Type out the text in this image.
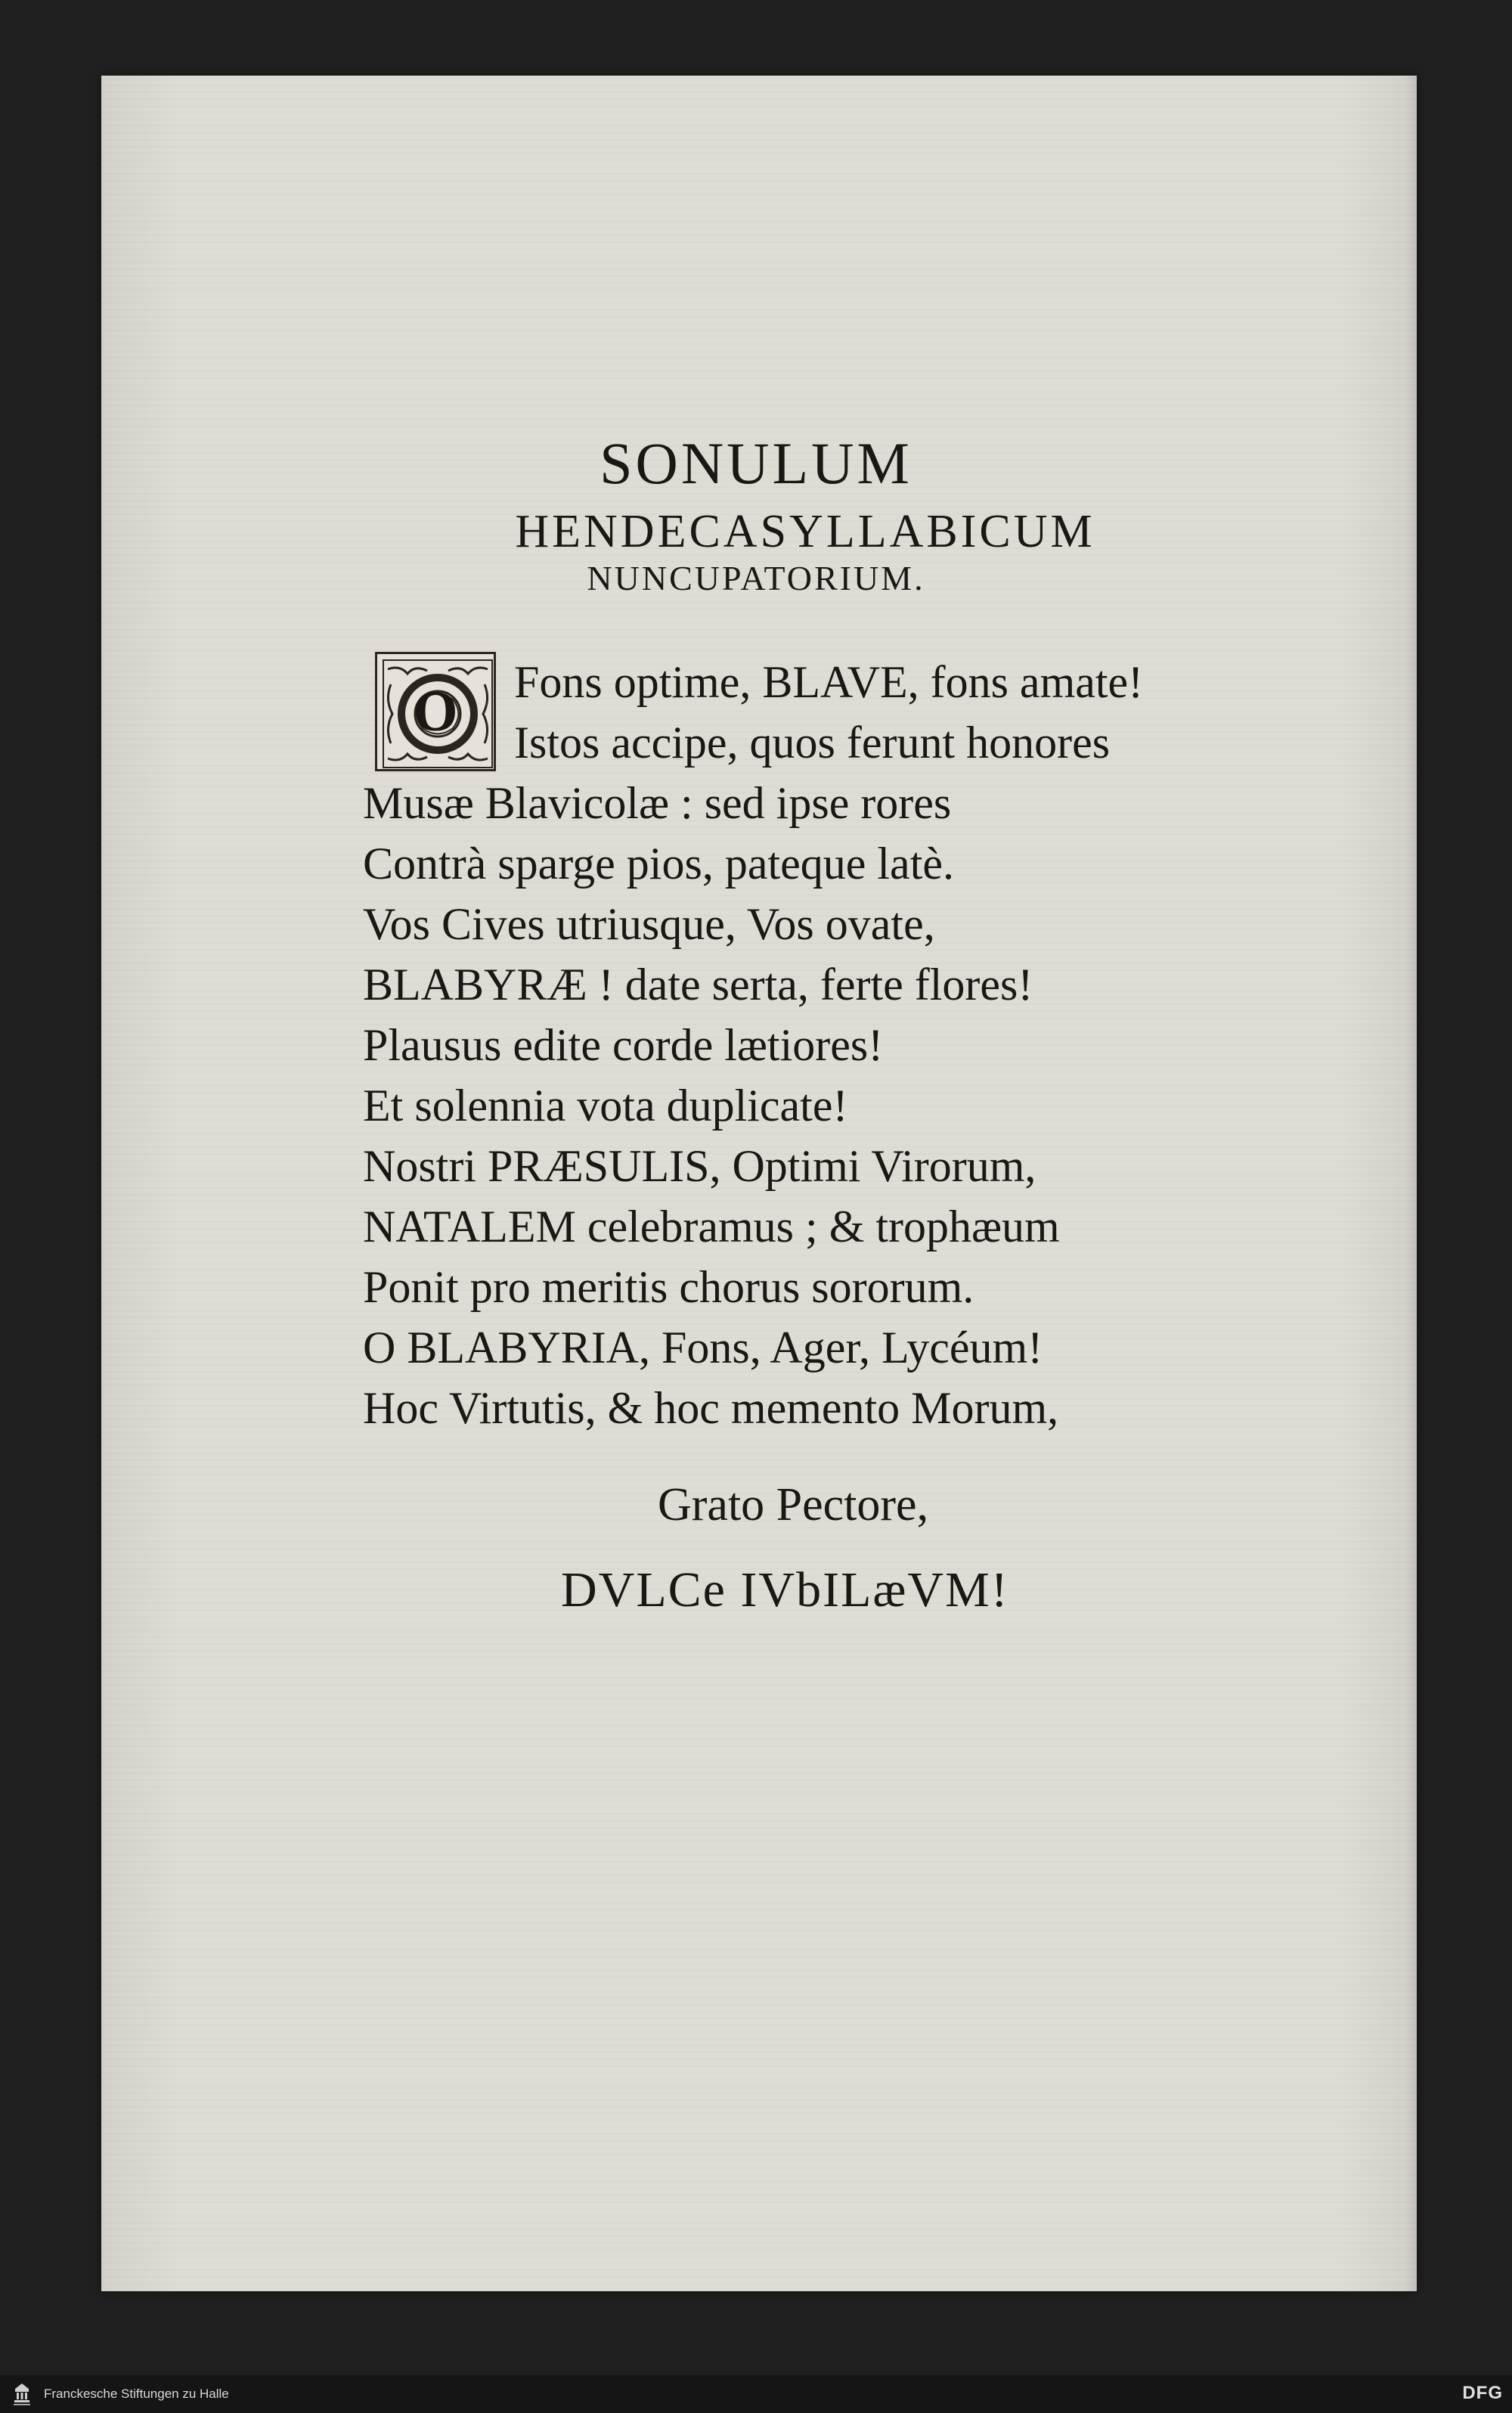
SONULUM
HENDECASYLLABICUM
NUNCUPATORIUM.
O	Fons optime, BLAVE, fons amate!
Istos accipe, quos ferunt honores
Musæ Blavicolæ : sed ipse rores
Contrà sparge pios, pateque latè.
Vos Cives utriusque, Vos ovate,
BLABYRÆ ! date serta, ferte flores!
Plausus edite corde lætiores!
Et solennia vota duplicate!
Nostri PRÆSULIS, Optimi Virorum,
NATALEM celebramus ; & trophæum
Ponit pro meritis chorus sororum.
O BLABYRIA, Fons, Ager, Lycéum!
Hoc Virtutis, & hoc memento Morum,
Grato Pectore,
DVLCe IVbILæVM!
Franckesche Stiftungen zu Halle	DFG
